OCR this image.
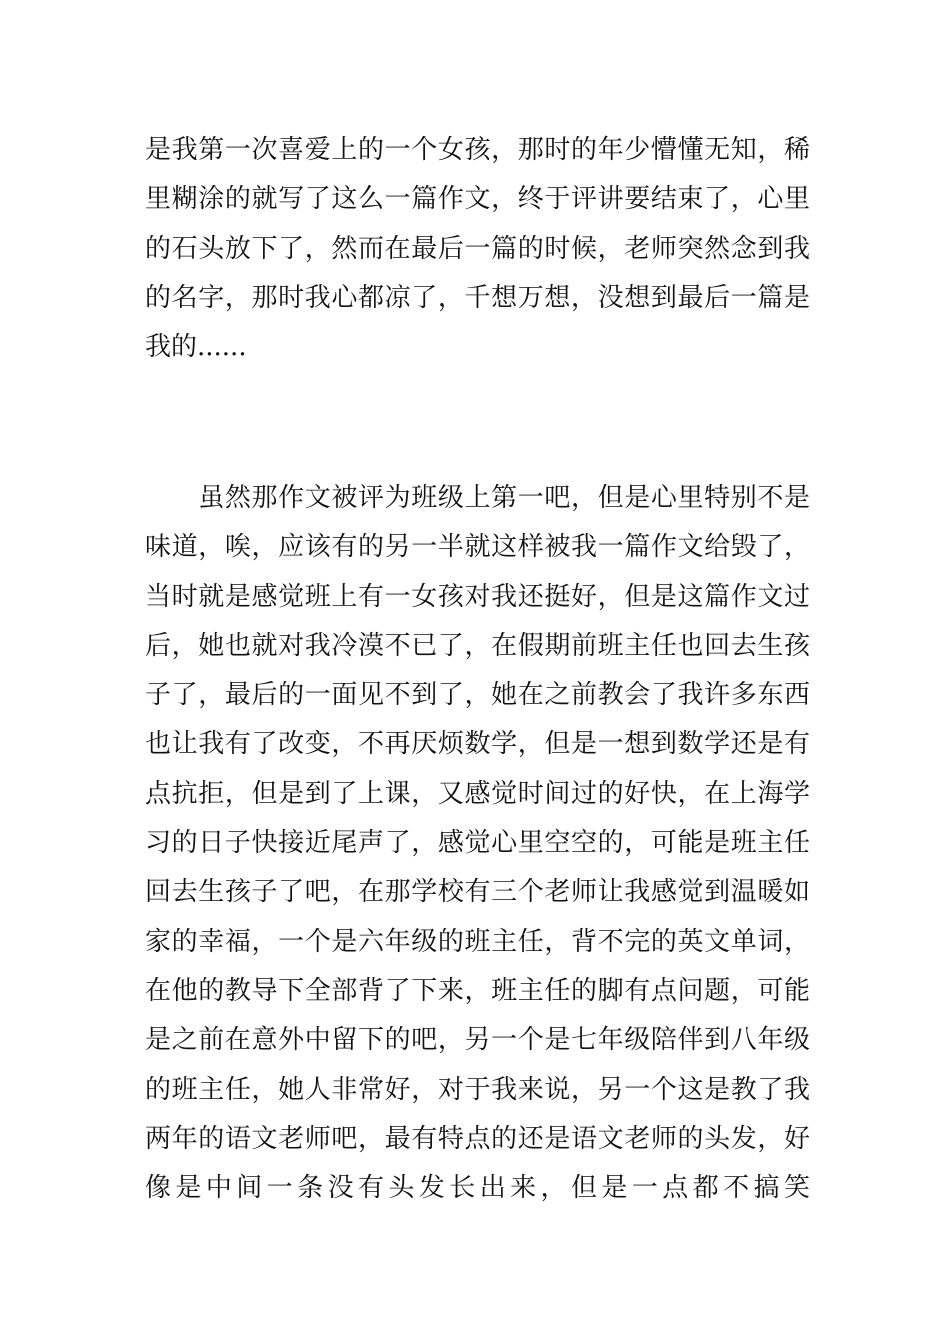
是我第一次喜爱上的一个女孩，那时的年少懵懂无知，稀
里糊涂的就写了这么一篇作文，终于评讲要结束了，心里
的石头放下了，然而在最后一篇的时候，老师突然念到我
的名字，那时我心都凉了，千想万想，没想到最后一篇是
我的......
　　虽然那作文被评为班级上第一吧，但是心里特别不是
味道，唉，应该有的另一半就这样被我一篇作文给毁了，
当时就是感觉班上有一女孩对我还挺好，但是这篇作文过
后，她也就对我冷漠不已了，在假期前班主任也回去生孩
子了，最后的一面见不到了，她在之前教会了我许多东西
也让我有了改变，不再厌烦数学，但是一想到数学还是有
点抗拒，但是到了上课，又感觉时间过的好快，在上海学
习的日子快接近尾声了，感觉心里空空的，可能是班主任
回去生孩子了吧，在那学校有三个老师让我感觉到温暖如
家的幸福，一个是六年级的班主任，背不完的英文单词，
在他的教导下全部背了下来，班主任的脚有点问题，可能
是之前在意外中留下的吧，另一个是七年级陪伴到八年级
的班主任，她人非常好，对于我来说，另一个这是教了我
两年的语文老师吧，最有特点的还是语文老师的头发，好
像是中间一条没有头发长出来，但是一点都不搞笑
